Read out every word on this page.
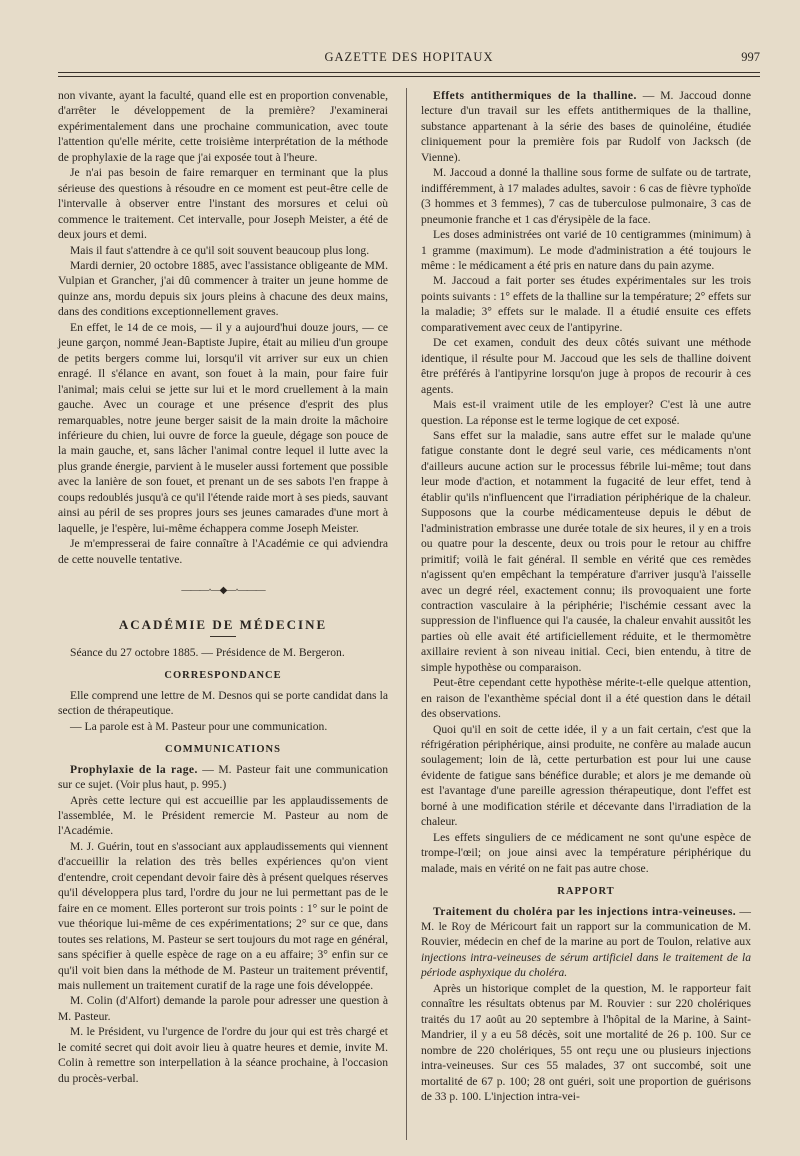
GAZETTE DES HOPITAUX	997

non vivante, ayant la faculté, quand elle est en proportion convenable, d'arrêter le développement de la première? J'examinerai expérimentalement dans une prochaine communication, avec toute l'attention qu'elle mérite, cette troisième interprétation de la méthode de prophylaxie de la rage que j'ai exposée tout à l'heure.

Je n'ai pas besoin de faire remarquer en terminant que la plus sérieuse des questions à résoudre en ce moment est peut-être celle de l'intervalle à observer entre l'instant des morsures et celui où commence le traitement. Cet intervalle, pour Joseph Meister, a été de deux jours et demi.

Mais il faut s'attendre à ce qu'il soit souvent beaucoup plus long.

Mardi dernier, 20 octobre 1885, avec l'assistance obligeante de MM. Vulpian et Grancher, j'ai dû commencer à traiter un jeune homme de quinze ans, mordu depuis six jours pleins à chacune des deux mains, dans des conditions exceptionnellement graves.

En effet, le 14 de ce mois, — il y a aujourd'hui douze jours, — ce jeune garçon, nommé Jean-Baptiste Jupire, était au milieu d'un groupe de petits bergers comme lui, lorsqu'il vit arriver sur eux un chien enragé. Il s'élance en avant, son fouet à la main, pour faire fuir l'animal; mais celui se jette sur lui et le mord cruellement à la main gauche. Avec un courage et une présence d'esprit des plus remarquables, notre jeune berger saisit de la main droite la mâchoire inférieure du chien, lui ouvre de force la gueule, dégage son pouce de la main gauche, et, sans lâcher l'animal contre lequel il lutte avec la plus grande énergie, parvient à le museler aussi fortement que possible avec la lanière de son fouet, et prenant un de ses sabots l'en frappe à coups redoublés jusqu'à ce qu'il l'étende raide mort à ses pieds, sauvant ainsi au péril de ses propres jours ses jeunes camarades d'une mort à laquelle, je l'espère, lui-même échappera comme Joseph Meister.

Je m'empresserai de faire connaître à l'Académie ce qui adviendra de cette nouvelle tentative.

———·—◆—·———
ACADÉMIE DE MÉDECINE

Séance du 27 octobre 1885. — Présidence de M. Bergeron.

CORRESPONDANCE

Elle comprend une lettre de M. Desnos qui se porte candidat dans la section de thérapeutique.

— La parole est à M. Pasteur pour une communication.

COMMUNICATIONS

Prophylaxie de la rage. — M. Pasteur fait une communication sur ce sujet. (Voir plus haut, p. 995.)

Après cette lecture qui est accueillie par les applaudissements de l'assemblée, M. le Président remercie M. Pasteur au nom de l'Académie.

M. J. Guérin, tout en s'associant aux applaudissements qui viennent d'accueillir la relation des très belles expériences qu'on vient d'entendre, croit cependant devoir faire dès à présent quelques réserves qu'il développera plus tard, l'ordre du jour ne lui permettant pas de le faire en ce moment. Elles porteront sur trois points : 1° sur le point de vue théorique lui-même de ces expérimentations; 2° sur ce que, dans toutes ses relations, M. Pasteur se sert toujours du mot rage en général, sans spécifier à quelle espèce de rage on a eu affaire; 3° enfin sur ce qu'il voit bien dans la méthode de M. Pasteur un traitement préventif, mais nullement un traitement curatif de la rage une fois développée.

M. Colin (d'Alfort) demande la parole pour adresser une question à M. Pasteur.

M. le Président, vu l'urgence de l'ordre du jour qui est très chargé et le comité secret qui doit avoir lieu à quatre heures et demie, invite M. Colin à remettre son interpellation à la séance prochaine, à l'occasion du procès-verbal.

Effets antithermiques de la thalline. — M. Jaccoud donne lecture d'un travail sur les effets antithermiques de la thalline, substance appartenant à la série des bases de quinoléine, étudiée cliniquement pour la première fois par Rudolf von Jacksch (de Vienne).

M. Jaccoud a donné la thalline sous forme de sulfate ou de tartrate, indifféremment, à 17 malades adultes, savoir : 6 cas de fièvre typhoïde (3 hommes et 3 femmes), 7 cas de tuberculose pulmonaire, 3 cas de pneumonie franche et 1 cas d'érysipèle de la face.

Les doses administrées ont varié de 10 centigrammes (minimum) à 1 gramme (maximum). Le mode d'administration a été toujours le même : le médicament a été pris en nature dans du pain azyme.

M. Jaccoud a fait porter ses études expérimentales sur les trois points suivants : 1° effets de la thalline sur la température; 2° effets sur la maladie; 3° effets sur le malade. Il a étudié ensuite ces effets comparativement avec ceux de l'antipyrine.

De cet examen, conduit des deux côtés suivant une méthode identique, il résulte pour M. Jaccoud que les sels de thalline doivent être préférés à l'antipyrine lorsqu'on juge à propos de recourir à ces agents.

Mais est-il vraiment utile de les employer? C'est là une autre question. La réponse est le terme logique de cet exposé.

Sans effet sur la maladie, sans autre effet sur le malade qu'une fatigue constante dont le degré seul varie, ces médicaments n'ont d'ailleurs aucune action sur le processus fébrile lui-même; tout dans leur mode d'action, et notamment la fugacité de leur effet, tend à établir qu'ils n'influencent que l'irradiation périphérique de la chaleur. Supposons que la courbe médicamenteuse depuis le début de l'administration embrasse une durée totale de six heures, il y en a trois ou quatre pour la descente, deux ou trois pour le retour au chiffre primitif; voilà le fait général. Il semble en vérité que ces remèdes n'agissent qu'en empêchant la température d'arriver jusqu'à l'aisselle avec un degré réel, exactement connu; ils provoquaient une forte contraction vasculaire à la périphérie; l'ischémie cessant avec la suppression de l'influence qui l'a causée, la chaleur envahit aussitôt les parties où elle avait été artificiellement réduite, et le thermomètre axillaire revient à son niveau initial. Ceci, bien entendu, à titre de simple hypothèse ou comparaison.

Peut-être cependant cette hypothèse mérite-t-elle quelque attention, en raison de l'exanthème spécial dont il a été question dans le détail des observations.

Quoi qu'il en soit de cette idée, il y a un fait certain, c'est que la réfrigération périphérique, ainsi produite, ne confère au malade aucun soulagement; loin de là, cette perturbation est pour lui une cause évidente de fatigue sans bénéfice durable; et alors je me demande où est l'avantage d'une pareille agression thérapeutique, dont l'effet est borné à une modification stérile et décevante dans l'irradiation de la chaleur.

Les effets singuliers de ce médicament ne sont qu'une espèce de trompe-l'œil; on joue ainsi avec la température périphérique du malade, mais en vérité on ne fait pas autre chose.

RAPPORT

Traitement du choléra par les injections intra-veineuses. — M. le Roy de Méricourt fait un rapport sur la communication de M. Rouvier, médecin en chef de la marine au port de Toulon, relative aux injections intra-veineuses de sérum artificiel dans le traitement de la période asphyxique du choléra.

Après un historique complet de la question, M. le rapporteur fait connaître les résultats obtenus par M. Rouvier : sur 220 cholériques traités du 17 août au 20 septembre à l'hôpital de la Marine, à Saint-Mandrier, il y a eu 58 décès, soit une mortalité de 26 p. 100. Sur ce nombre de 220 cholériques, 55 ont reçu une ou plusieurs injections intra-veineuses. Sur ces 55 malades, 37 ont succombé, soit une mortalité de 67 p. 100; 28 ont guéri, soit une proportion de guérisons de 33 p. 100. L'injection intra-vei-
